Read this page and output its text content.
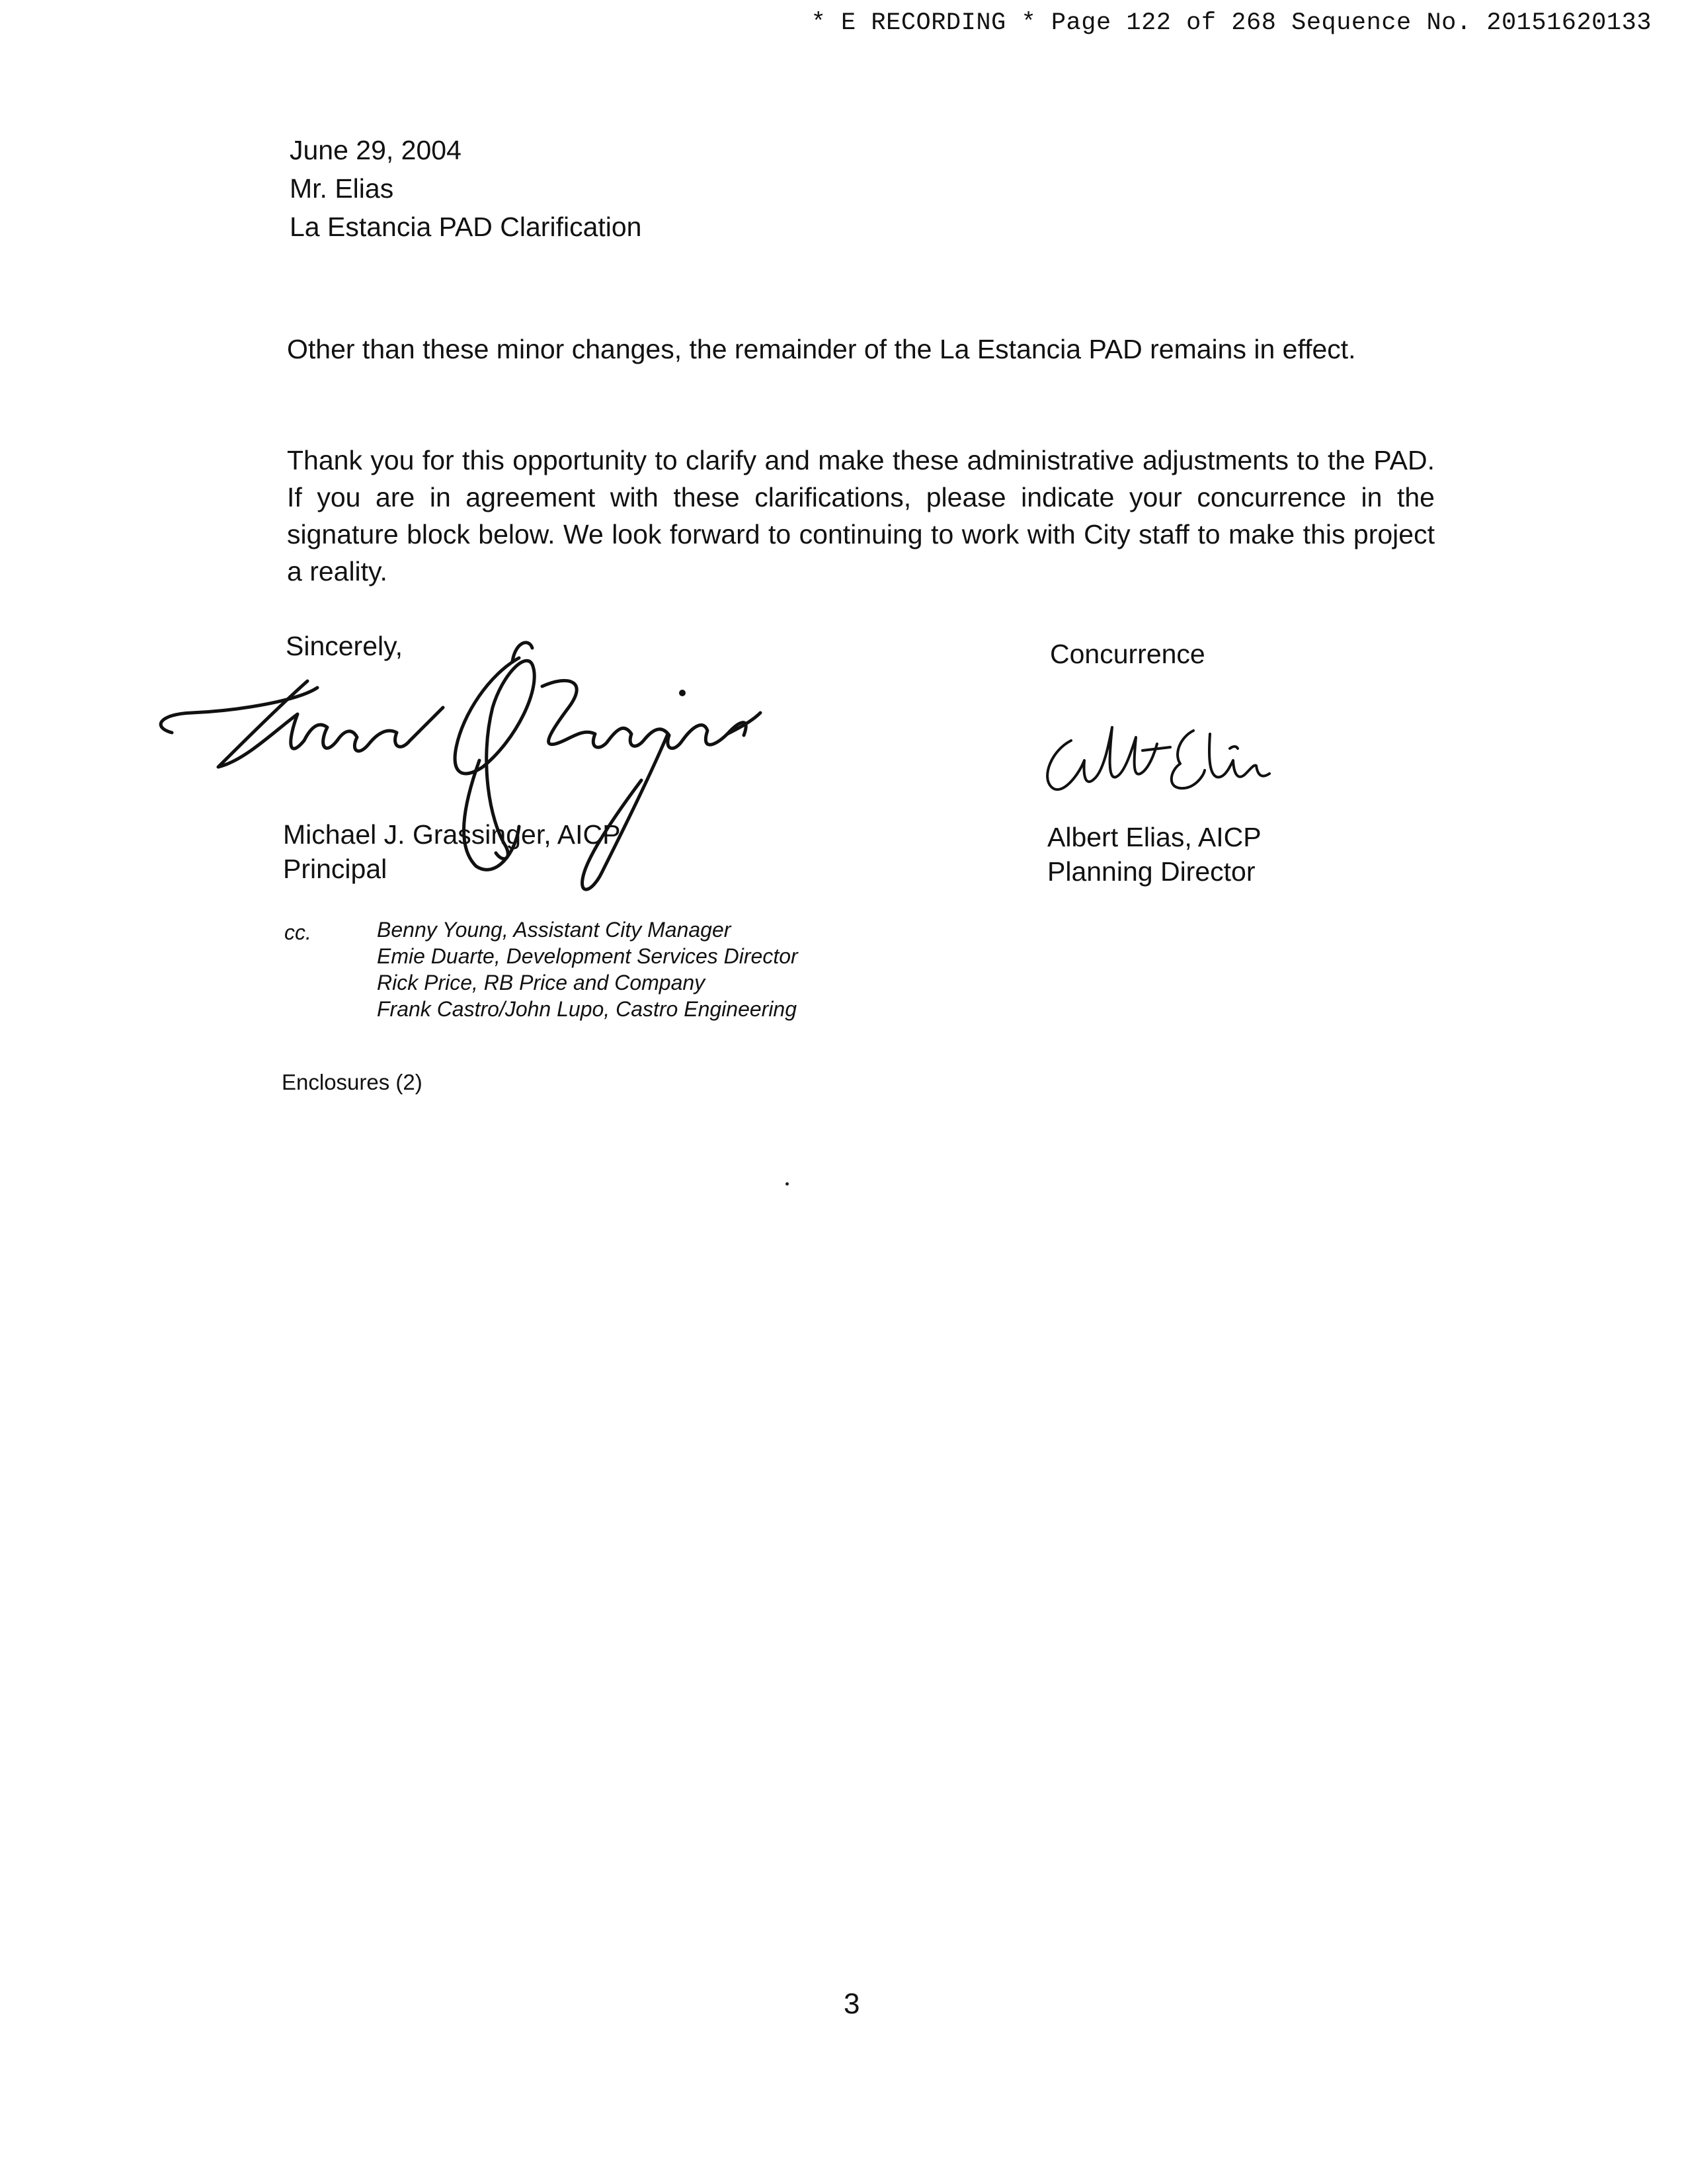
* E RECORDING * Page 122 of 268 Sequence No. 20151620133
June 29, 2004
Mr. Elias
La Estancia PAD Clarification
Other than these minor changes, the remainder of the La Estancia PAD remains in effect.
Thank you for this opportunity to clarify and make these administrative adjustments to the PAD. If you are in agreement with these clarifications, please indicate your concurrence in the signature block below. We look forward to continuing to work with City staff to make this project a reality.
Sincerely,	Concurrence
Michael J. Grassinger, AICP
Principal
Albert Elias, AICP
Planning Director
cc.	Benny Young, Assistant City Manager
Emie Duarte, Development Services Director
Rick Price, RB Price and Company
Frank Castro/John Lupo, Castro Engineering
Enclosures (2)
3
